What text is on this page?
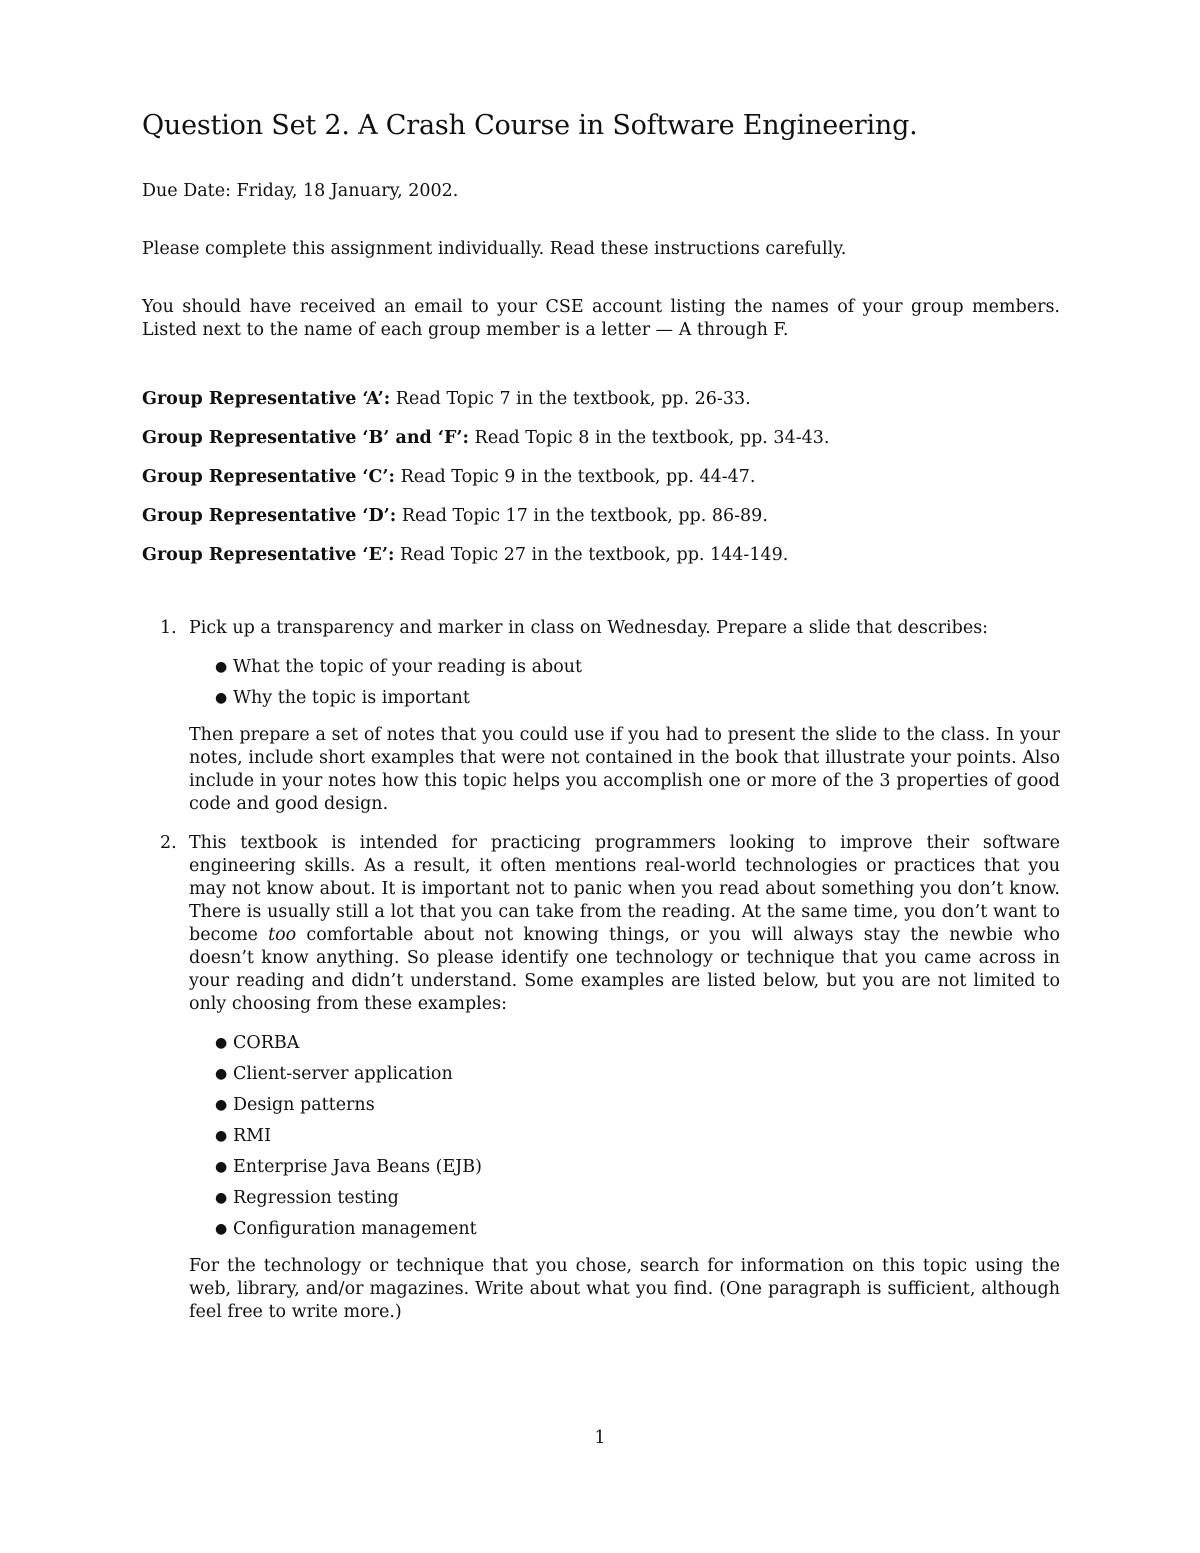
Question Set 2. A Crash Course in Software Engineering.

Due Date: Friday, 18 January, 2002.

Please complete this assignment individually. Read these instructions carefully.

You should have received an email to your CSE account listing the names of your group members. Listed next to the name of each group member is a letter — A through F.

Group Representative ‘A’: Read Topic 7 in the textbook, pp. 26-33.

Group Representative ‘B’ and ‘F’: Read Topic 8 in the textbook, pp. 34-43.

Group Representative ‘C’: Read Topic 9 in the textbook, pp. 44-47.

Group Representative ‘D’: Read Topic 17 in the textbook, pp. 86-89.

Group Representative ‘E’: Read Topic 27 in the textbook, pp. 144-149.

1. Pick up a transparency and marker in class on Wednesday. Prepare a slide that describes:

● What the topic of your reading is about
● Why the topic is important

Then prepare a set of notes that you could use if you had to present the slide to the class. In your notes, include short examples that were not contained in the book that illustrate your points. Also include in your notes how this topic helps you accomplish one or more of the 3 properties of good code and good design.

2. This textbook is intended for practicing programmers looking to improve their software engineering skills. As a result, it often mentions real-world technologies or practices that you may not know about. It is important not to panic when you read about something you don’t know. There is usually still a lot that you can take from the reading. At the same time, you don’t want to become too comfortable about not knowing things, or you will always stay the newbie who doesn’t know anything. So please identify one technology or technique that you came across in your reading and didn’t understand. Some examples are listed below, but you are not limited to only choosing from these examples:

● CORBA
● Client-server application
● Design patterns
● RMI
● Enterprise Java Beans (EJB)
● Regression testing
● Configuration management

For the technology or technique that you chose, search for information on this topic using the web, library, and/or magazines. Write about what you find. (One paragraph is sufficient, although feel free to write more.)

1
